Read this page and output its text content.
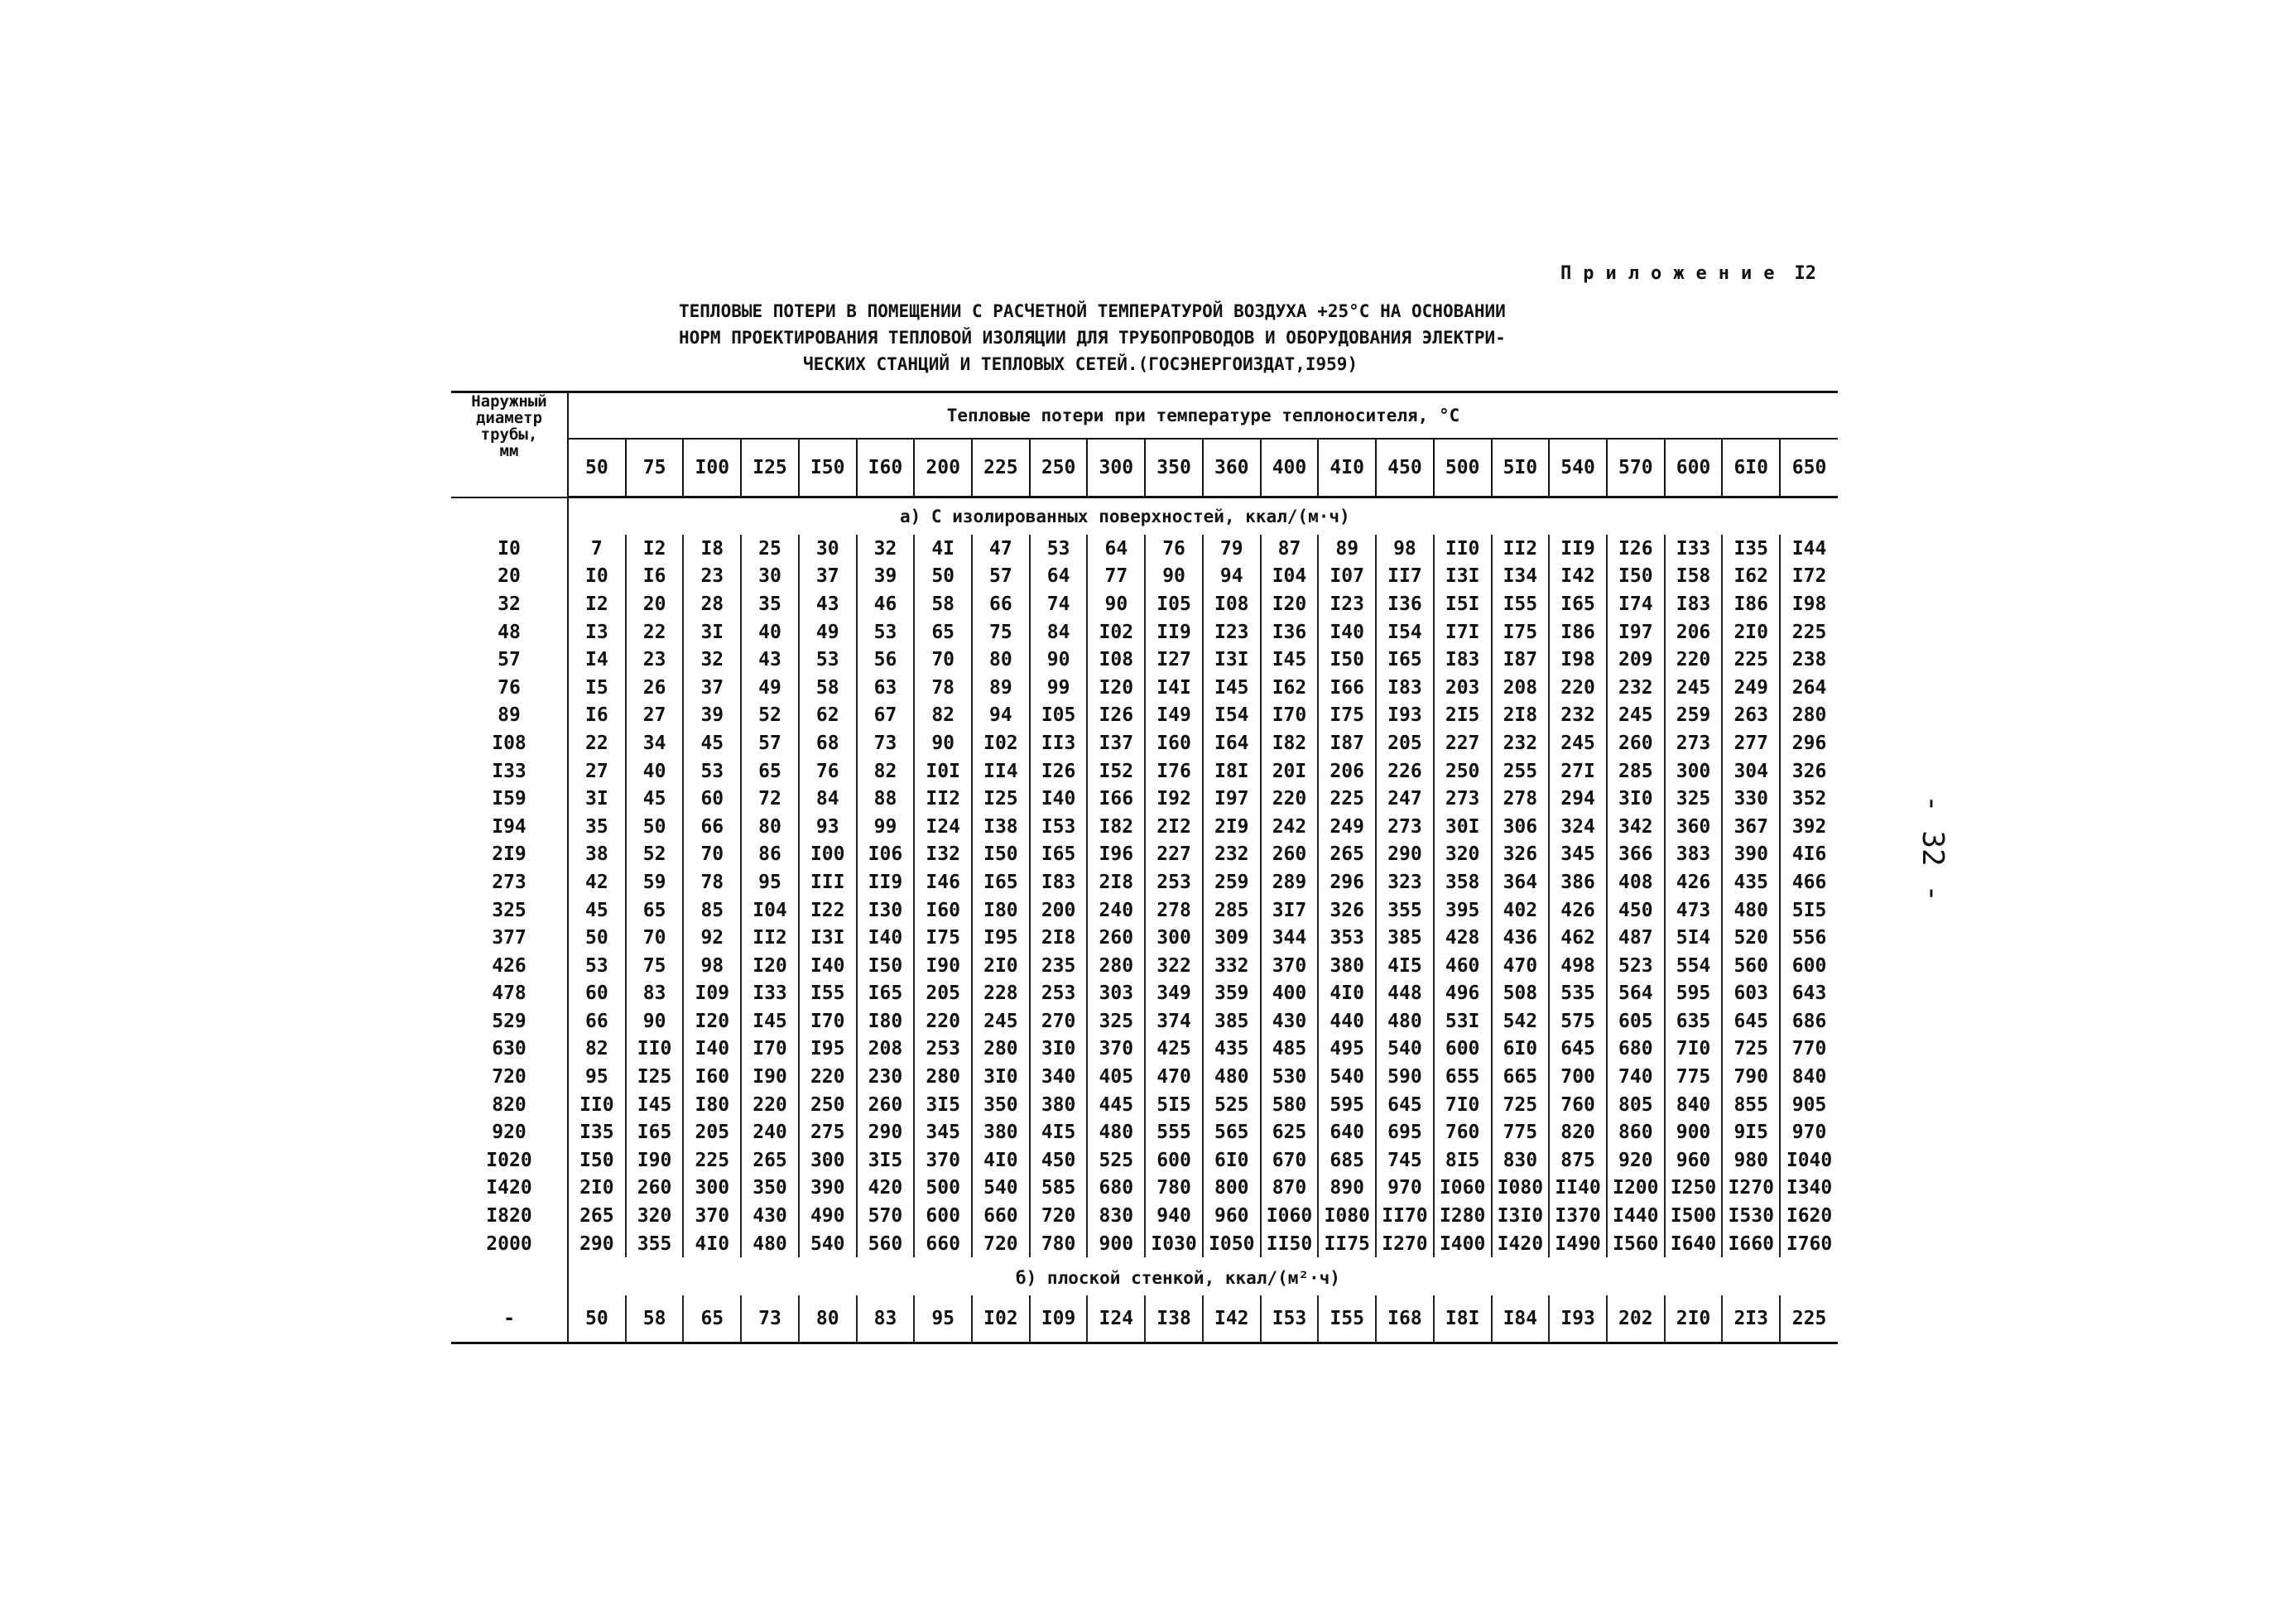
Приложение I2
ТЕПЛОВЫЕ ПОТЕРИ В ПОМЕЩЕНИИ С РАСЧЕТНОЙ ТЕМПЕРАТУРОЙ ВОЗДУХА +25°С НА ОСНОВАНИИ
НОРМ ПРОЕКТИРОВАНИЯ ТЕПЛОВОЙ ИЗОЛЯЦИИ ДЛЯ ТРУБОПРОВОДОВ И ОБОРУДОВАНИЯ ЭЛЕКТРИ-
ЧЕСКИХ СТАНЦИЙ И ТЕПЛОВЫХ СЕТЕЙ.(ГОСЭНЕРГОИЗДАТ,I959)
- 32 -
Наружный
диаметр
трубы,
мм	Тепловые потери при температуре теплоносителя, °С																					
	50	75	I00	I25	I50	I60	200	225	250	300	350	360	400	4I0	450	500	5I0	540	570	600	6I0	650
	а) С изолированных поверхностей, ккал/(м·ч)																					
I0	7	I2	I8	25	30	32	4I	47	53	64	76	79	87	89	98	II0	II2	II9	I26	I33	I35	I44
20	I0	I6	23	30	37	39	50	57	64	77	90	94	I04	I07	II7	I3I	I34	I42	I50	I58	I62	I72
32	I2	20	28	35	43	46	58	66	74	90	I05	I08	I20	I23	I36	I5I	I55	I65	I74	I83	I86	I98
48	I3	22	3I	40	49	53	65	75	84	I02	II9	I23	I36	I40	I54	I7I	I75	I86	I97	206	2I0	225
57	I4	23	32	43	53	56	70	80	90	I08	I27	I3I	I45	I50	I65	I83	I87	I98	209	220	225	238
76	I5	26	37	49	58	63	78	89	99	I20	I4I	I45	I62	I66	I83	203	208	220	232	245	249	264
89	I6	27	39	52	62	67	82	94	I05	I26	I49	I54	I70	I75	I93	2I5	2I8	232	245	259	263	280
I08	22	34	45	57	68	73	90	I02	II3	I37	I60	I64	I82	I87	205	227	232	245	260	273	277	296
I33	27	40	53	65	76	82	I0I	II4	I26	I52	I76	I8I	20I	206	226	250	255	27I	285	300	304	326
I59	3I	45	60	72	84	88	II2	I25	I40	I66	I92	I97	220	225	247	273	278	294	3I0	325	330	352
I94	35	50	66	80	93	99	I24	I38	I53	I82	2I2	2I9	242	249	273	30I	306	324	342	360	367	392
2I9	38	52	70	86	I00	I06	I32	I50	I65	I96	227	232	260	265	290	320	326	345	366	383	390	4I6
273	42	59	78	95	III	II9	I46	I65	I83	2I8	253	259	289	296	323	358	364	386	408	426	435	466
325	45	65	85	I04	I22	I30	I60	I80	200	240	278	285	3I7	326	355	395	402	426	450	473	480	5I5
377	50	70	92	II2	I3I	I40	I75	I95	2I8	260	300	309	344	353	385	428	436	462	487	5I4	520	556
426	53	75	98	I20	I40	I50	I90	2I0	235	280	322	332	370	380	4I5	460	470	498	523	554	560	600
478	60	83	I09	I33	I55	I65	205	228	253	303	349	359	400	4I0	448	496	508	535	564	595	603	643
529	66	90	I20	I45	I70	I80	220	245	270	325	374	385	430	440	480	53I	542	575	605	635	645	686
630	82	II0	I40	I70	I95	208	253	280	3I0	370	425	435	485	495	540	600	6I0	645	680	7I0	725	770
720	95	I25	I60	I90	220	230	280	3I0	340	405	470	480	530	540	590	655	665	700	740	775	790	840
820	II0	I45	I80	220	250	260	3I5	350	380	445	5I5	525	580	595	645	7I0	725	760	805	840	855	905
920	I35	I65	205	240	275	290	345	380	4I5	480	555	565	625	640	695	760	775	820	860	900	9I5	970
I020	I50	I90	225	265	300	3I5	370	4I0	450	525	600	6I0	670	685	745	8I5	830	875	920	960	980	I040
I420	2I0	260	300	350	390	420	500	540	585	680	780	800	870	890	970	I060	I080	II40	I200	I250	I270	I340
I820	265	320	370	430	490	570	600	660	720	830	940	960	I060	I080	II70	I280	I3I0	I370	I440	I500	I530	I620
2000	290	355	4I0	480	540	560	660	720	780	900	I030	I050	II50	II75	I270	I400	I420	I490	I560	I640	I660	I760

	б) плоской стенкой, ккал/(м²·ч)																					
-	50	58	65	73	80	83	95	I02	I09	I24	I38	I42	I53	I55	I68	I8I	I84	I93	202	2I0	2I3	225
